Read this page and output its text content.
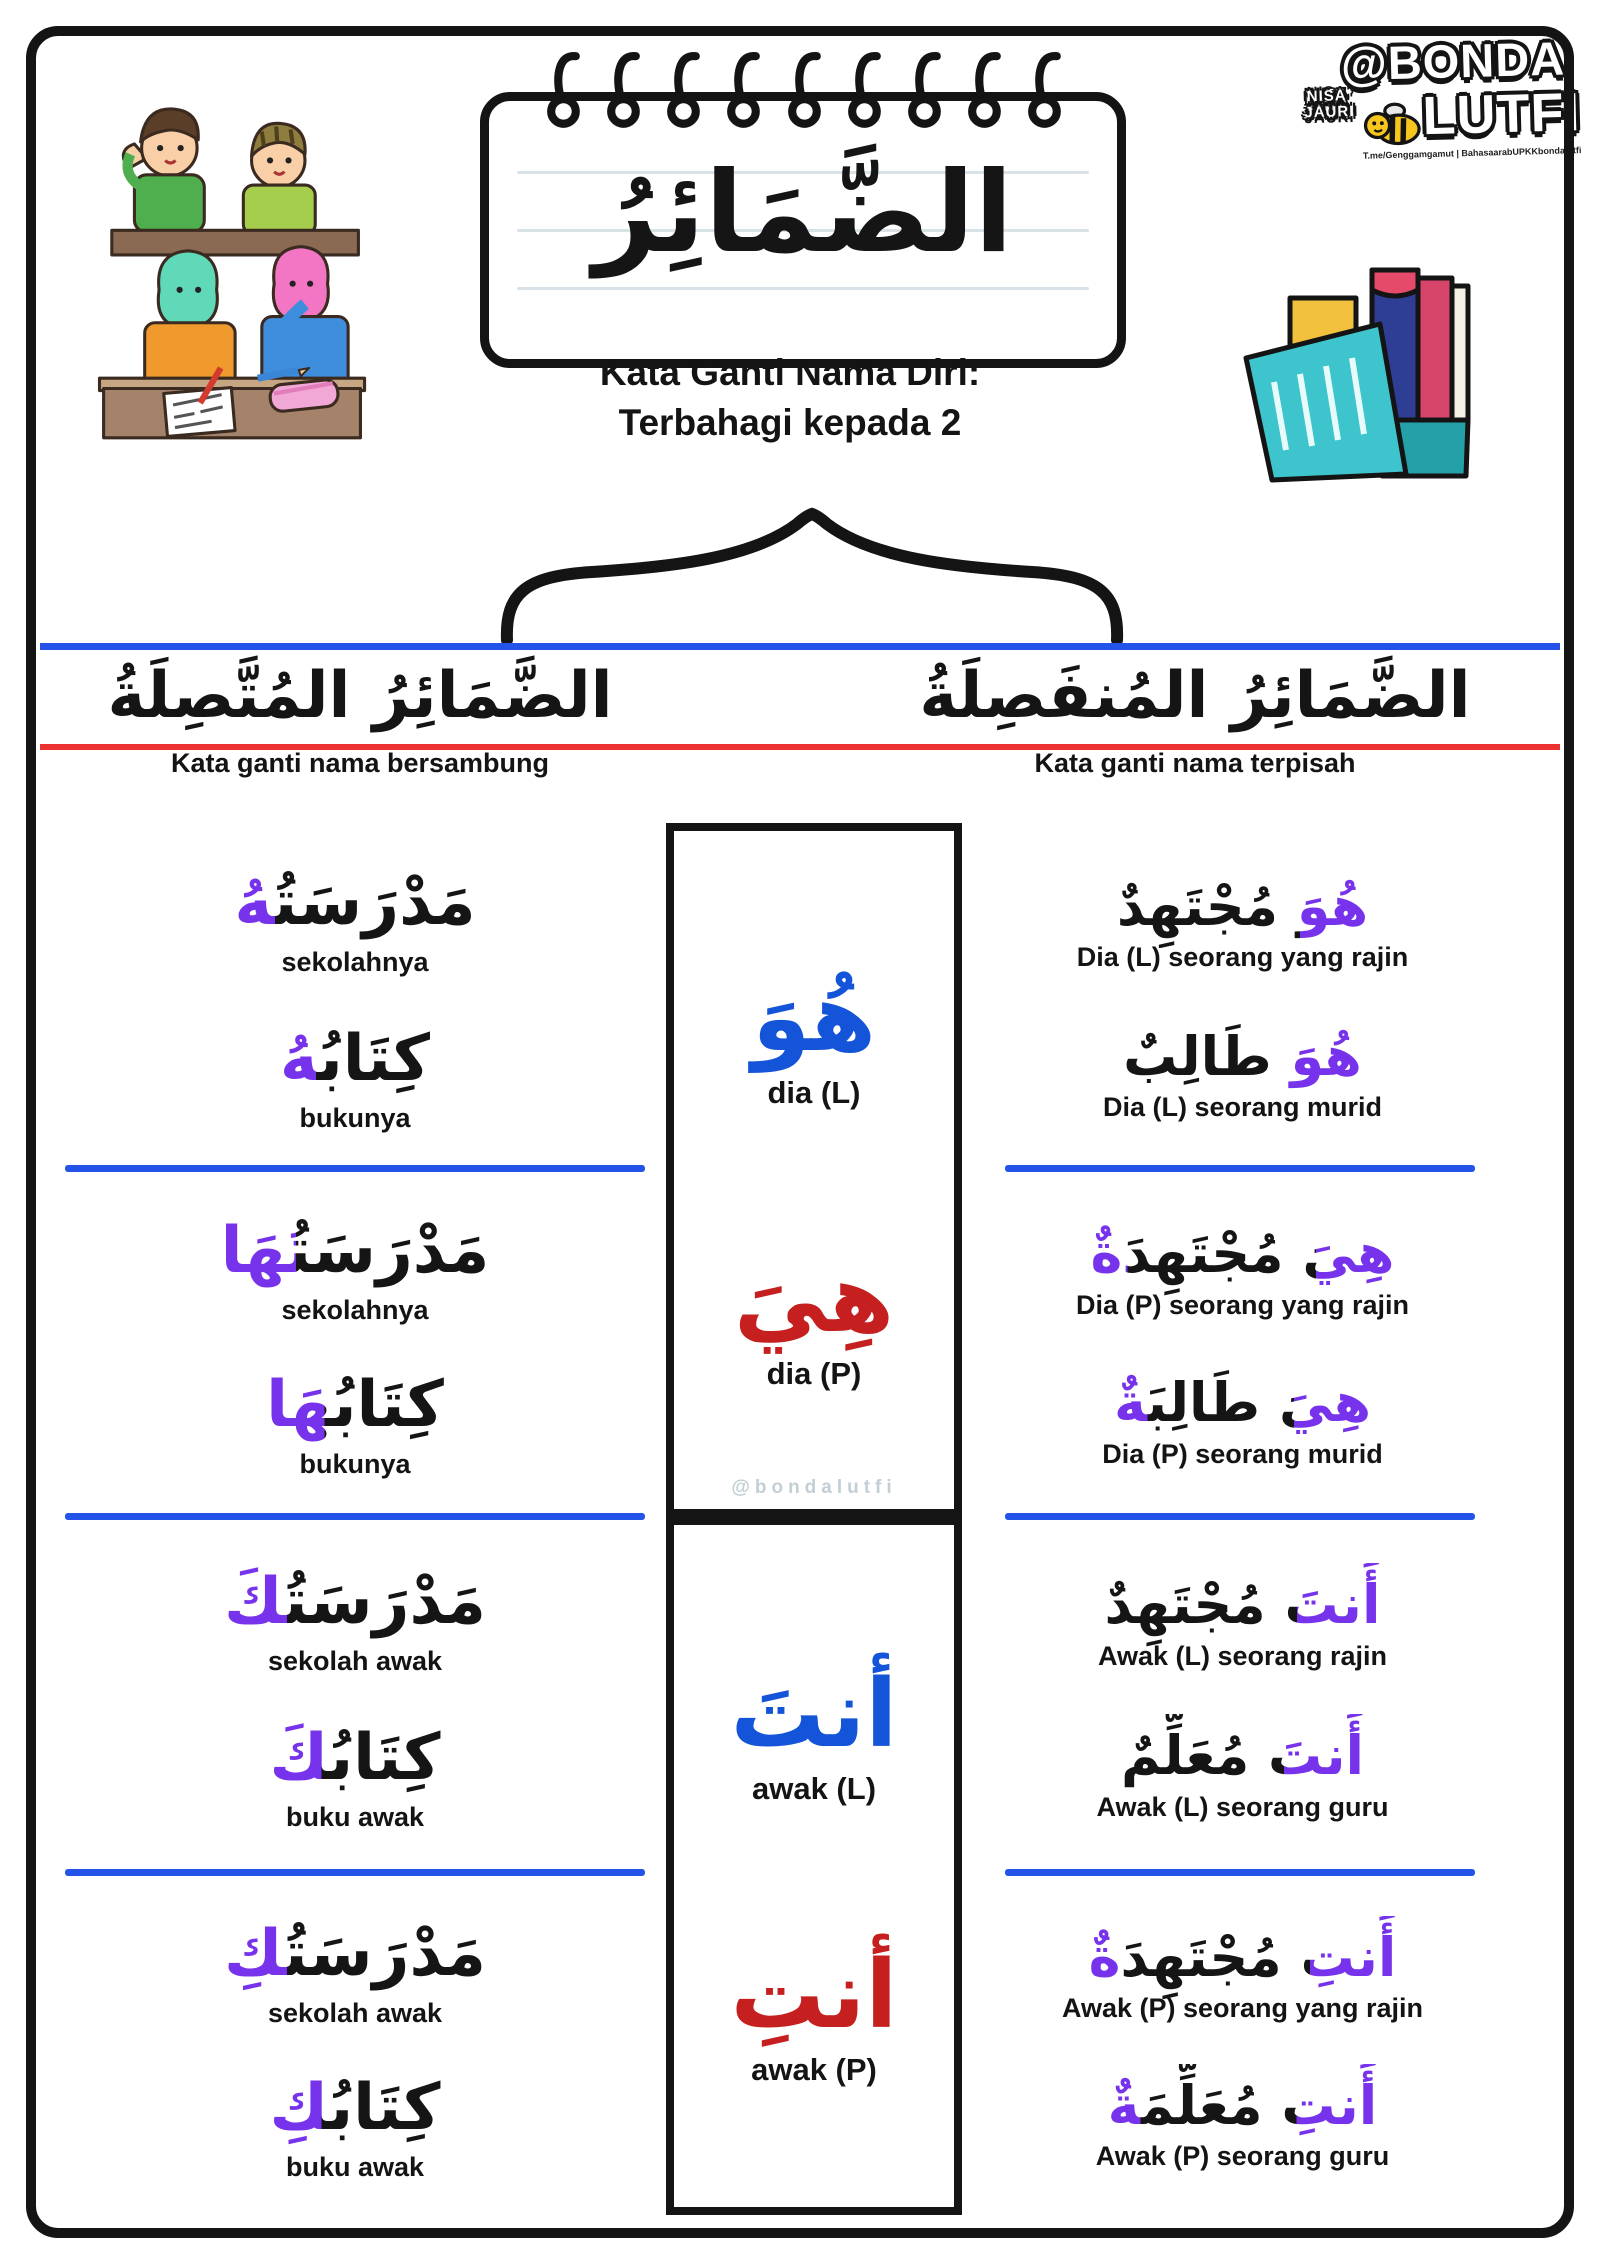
الضَّمَائِرُ
@BONDA
NISA'
JAURI LUTFI
T.me/Genggamgamut | BahasaarabUPKKbondalutfi
Kata Ganti Nama Diri:
Terbahagi kepada 2
الضَّمَائِرُ المُتَّصِلَةُ
Kata ganti nama bersambung
الضَّمَائِرُ المُنفَصِلَةُ
Kata ganti nama terpisah
مَدْرَسَتُهُ
sekolahnya
كِتَابُهُ
bukunya
هُوَ مُجْتَهِدٌ
Dia (L) seorang yang rajin
هُوَ طَالِبٌ
Dia (L) seorang murid
مَدْرَسَتُهَا
sekolahnya
كِتَابُهَا
bukunya
هِيَ مُجْتَهِدَةٌ
Dia (P) seorang yang rajin
هِيَ طَالِبَةٌ
Dia (P) seorang murid
مَدْرَسَتُكَ
sekolah awak
كِتَابُكَ
buku awak
أَنتَ مُجْتَهِدٌ
Awak (L) seorang rajin
أَنتَ مُعَلِّمٌ
Awak (L) seorang guru
مَدْرَسَتُكِ
sekolah awak
كِتَابُكِ
buku awak
أَنتِ مُجْتَهِدَةٌ
Awak (P) seorang yang rajin
أَنتِ مُعَلِّمَةٌ
Awak (P) seorang guru
هُوَ
dia (L)
هِيَ
dia (P)
@bondalutfi
أنتَ
awak (L)
أنتِ
awak (P)
